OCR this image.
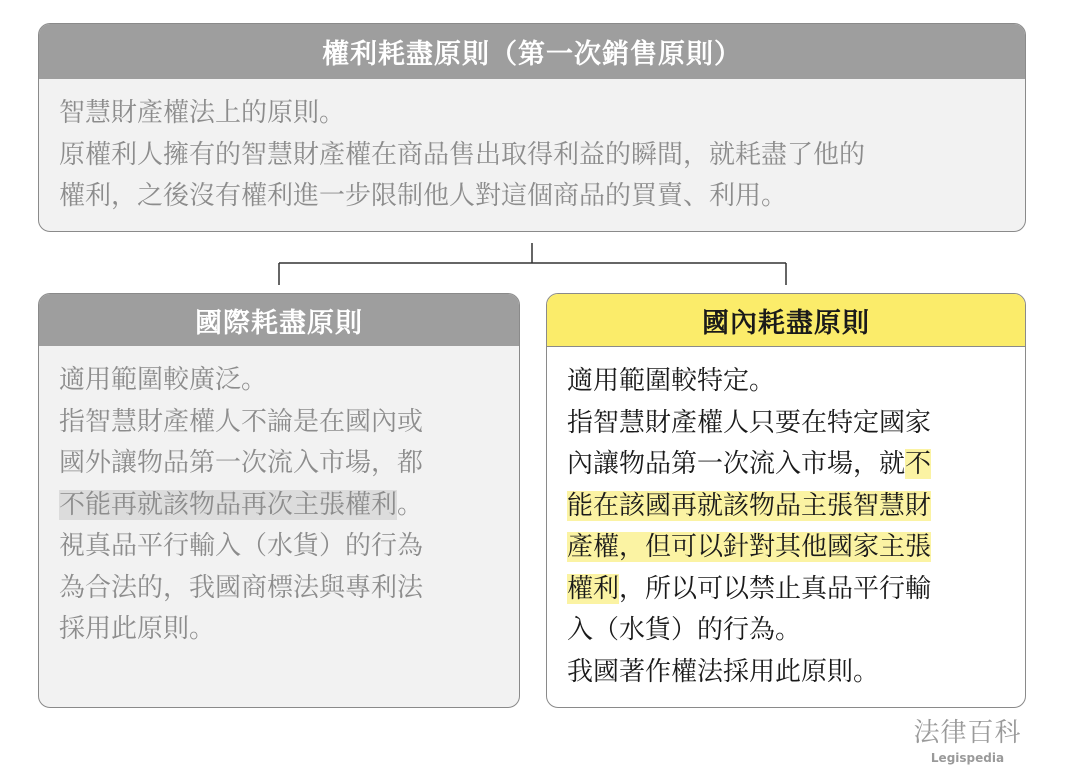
權利耗盡原則（第一次銷售原則）

智慧財產權法上的原則。

原權利人擁有的智慧財產權在商品售出取得利益的瞬間，就耗盡了他的

權利，之後沒有權利進一步限制他人對這個商品的買賣、利用。

國際耗盡原則

適用範圍較廣泛。

指智慧財產權人不論是在國內或

國外讓物品第一次流入市場，都

不能再就該物品再次主張權利。

視真品平行輸入（水貨）的行為

為合法的，我國商標法與專利法

採用此原則。

國內耗盡原則

適用範圍較特定。

指智慧財產權人只要在特定國家

內讓物品第一次流入市場，就不

能在該國再就該物品主張智慧財

產權，但可以針對其他國家主張

權利，所以可以禁止真品平行輸

入（水貨）的行為。

我國著作權法採用此原則。

法律百科
Legispedia
